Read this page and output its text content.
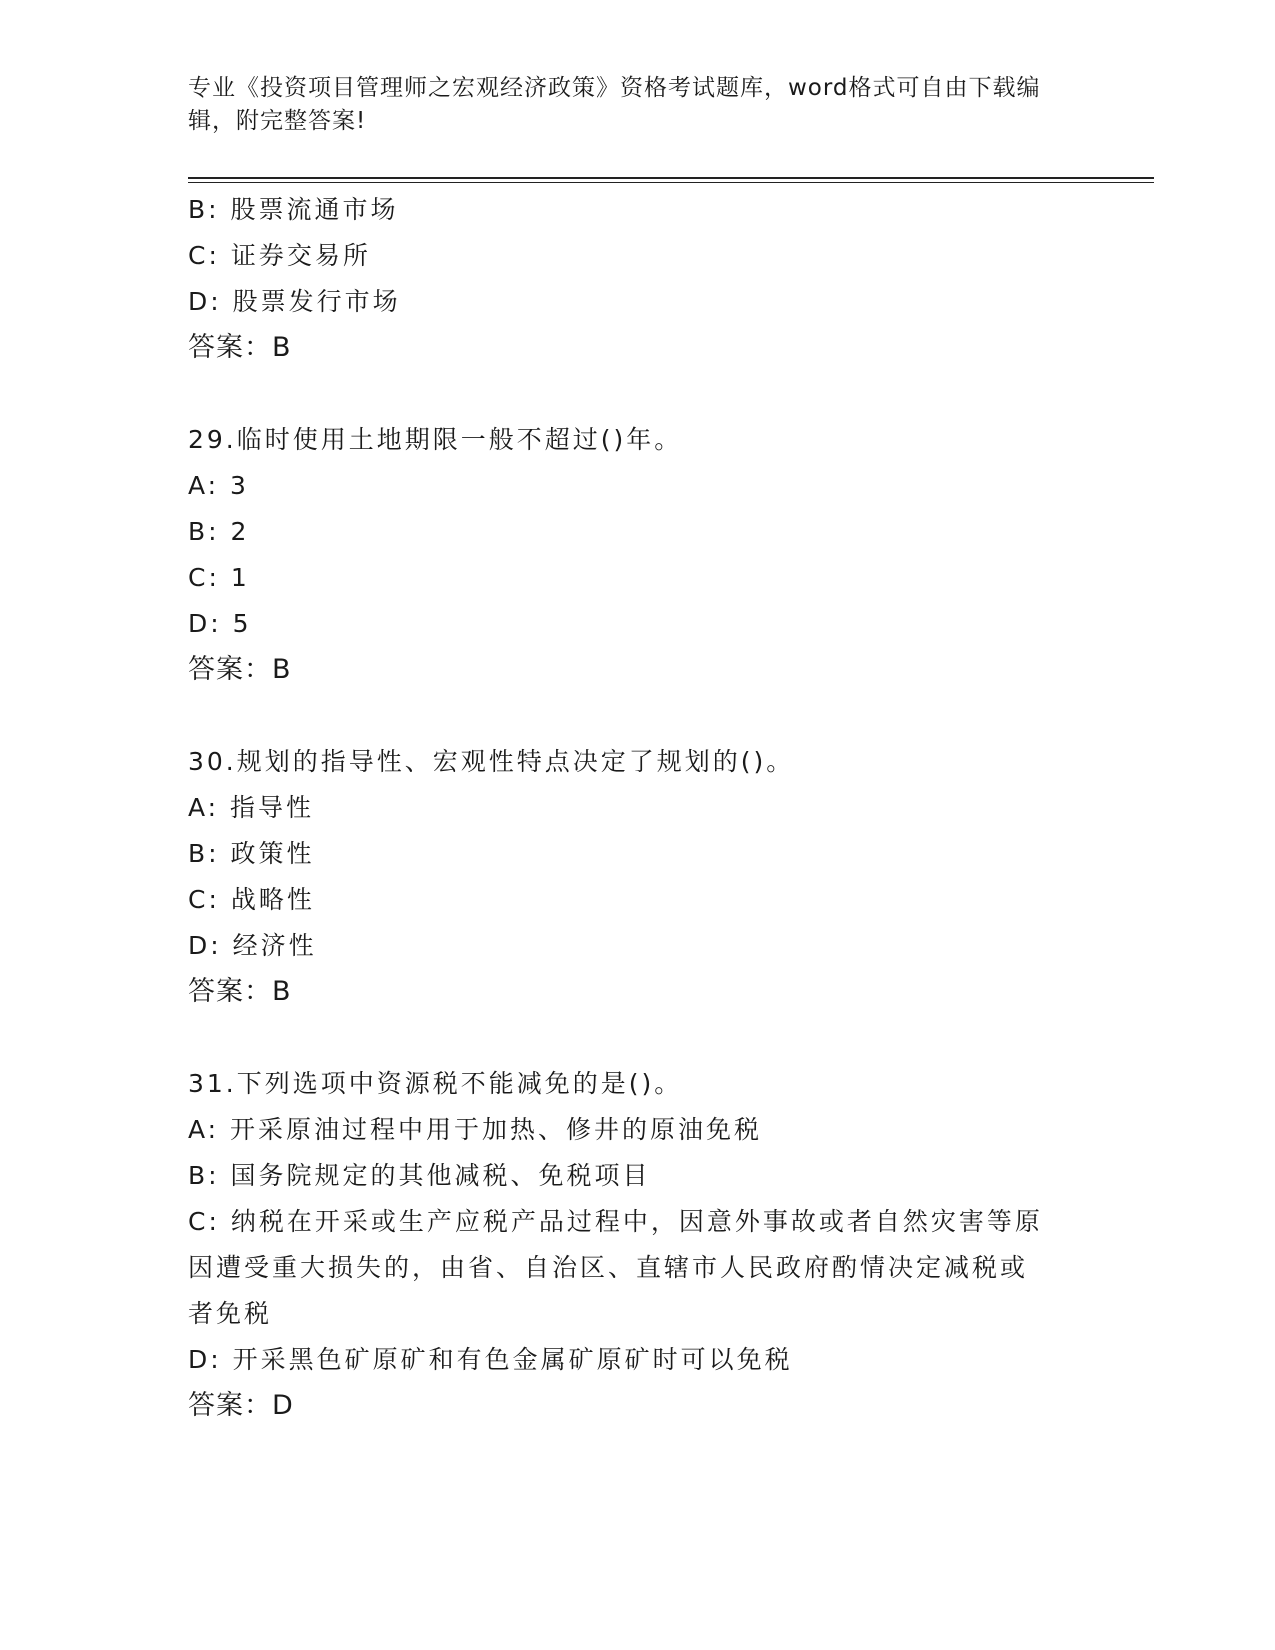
专业《投资项目管理师之宏观经济政策》资格考试题库，word格式可自由下载编
辑，附完整答案!
B: 股票流通市场
C: 证券交易所
D: 股票发行市场
答案：B
29.临时使用土地期限一般不超过()年。
A: 3
B: 2
C: 1
D: 5
答案：B
30.规划的指导性、宏观性特点决定了规划的()。
A: 指导性
B: 政策性
C: 战略性
D: 经济性
答案：B
31.下列选项中资源税不能减免的是()。
A: 开采原油过程中用于加热、修井的原油免税
B: 国务院规定的其他减税、免税项目
C: 纳税在开采或生产应税产品过程中，因意外事故或者自然灾害等原
因遭受重大损失的，由省、自治区、直辖市人民政府酌情决定减税或
者免税
D: 开采黑色矿原矿和有色金属矿原矿时可以免税
答案：D
